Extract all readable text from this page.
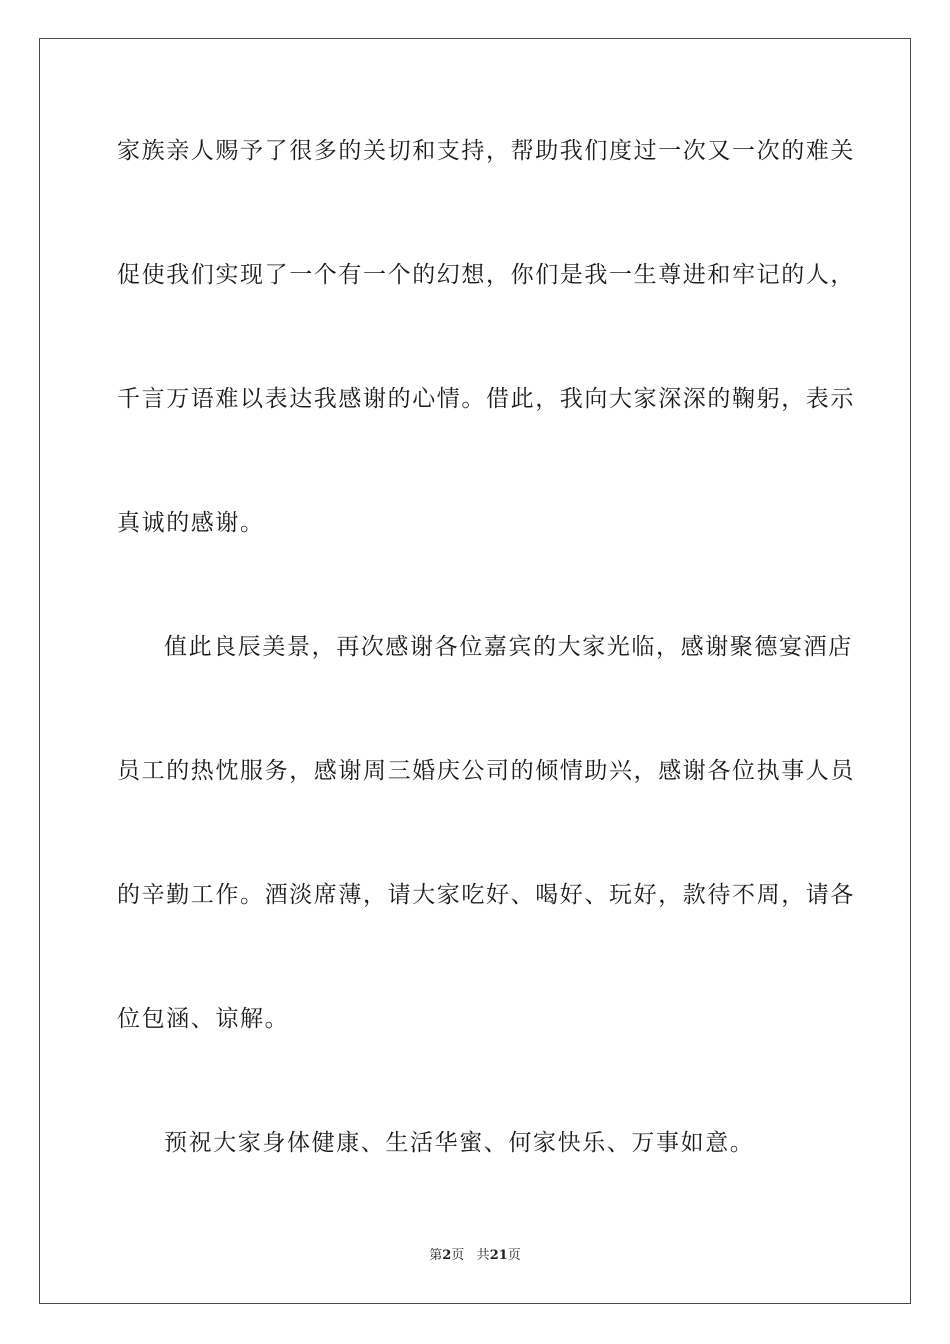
家族亲人赐予了很多的关切和支持，帮助我们度过一次又一次的难关
促使我们实现了一个有一个的幻想，你们是我一生尊进和牢记的人，
千言万语难以表达我感谢的心情。借此，我向大家深深的鞠躬，表示
真诚的感谢。
值此良辰美景，再次感谢各位嘉宾的大家光临，感谢聚德宴酒店
员工的热忱服务，感谢周三婚庆公司的倾情助兴，感谢各位执事人员
的辛勤工作。酒淡席薄，请大家吃好、喝好、玩好，款待不周，请各
位包涵、谅解。
预祝大家身体健康、生活华蜜、何家快乐、万事如意。
第2页 共21页
